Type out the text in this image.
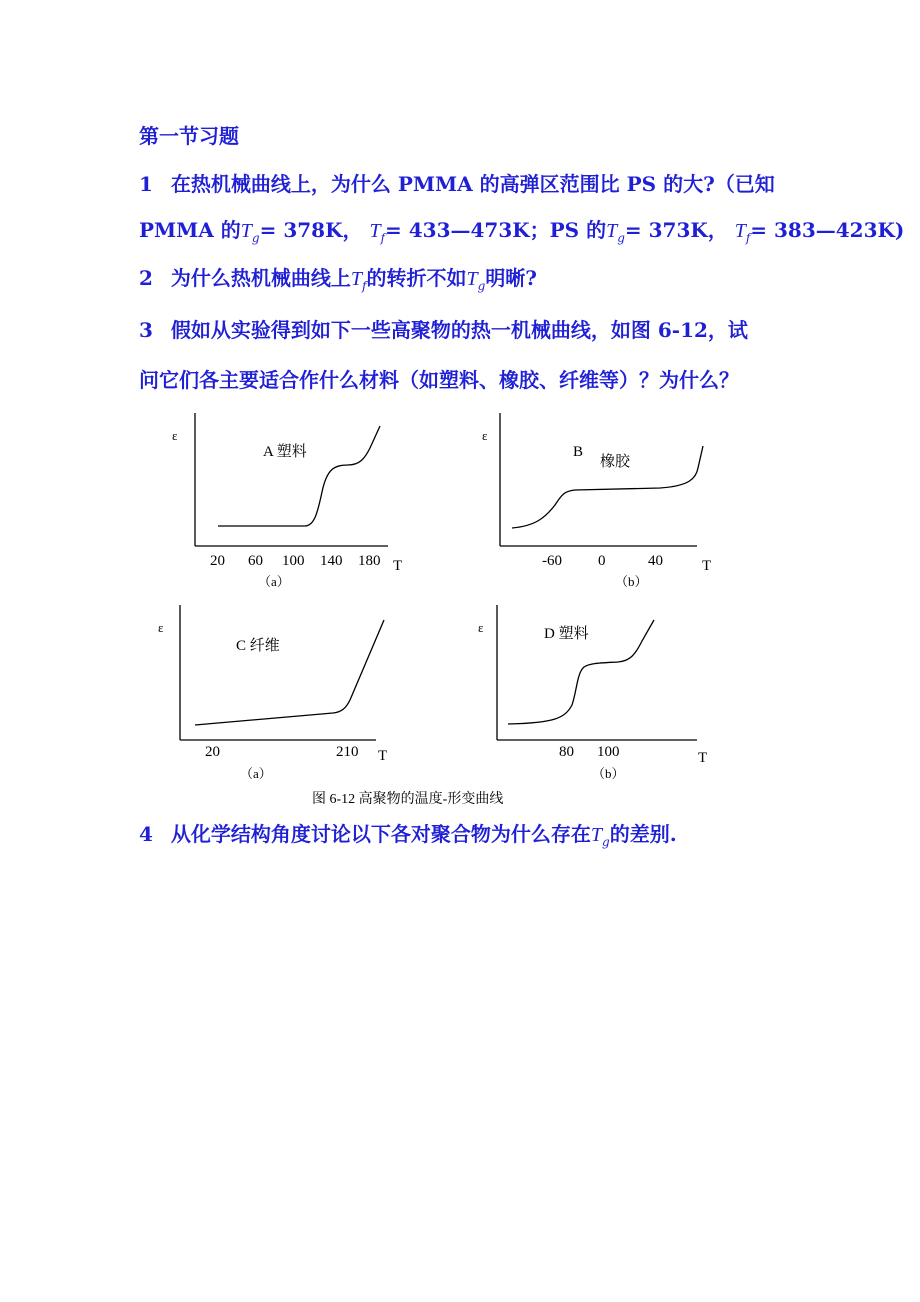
第一节习题
1 在热机械曲线上，为什么 PMMA 的高弹区范围比 PS 的大?（已知
PMMA 的$T_g= 378K$， $T_f=$ 433—473K；PS 的$T_g= 373K$， $T_f=$ 383—423K)
2 为什么热机械曲线上$T_f$的转折不如$T_g$明晰?
3 假如从实验得到如下一些高聚物的热一机械曲线，如图 6-12，试
问它们各主要适合作什么材料（如塑料、橡胶、纤维等）？为什么？
ε
A 塑料
20 60 100 140 180 T
（a）
ε
B
橡胶
-60 0	40	T
（b）
ε
C 纤维
20	210 T
（a）
ε	D 塑料
80 100	T
（b）
图 6-12 高聚物的温度-形变曲线
4 从化学结构角度讨论以下各对聚合物为什么存在$T_g$的差别.
